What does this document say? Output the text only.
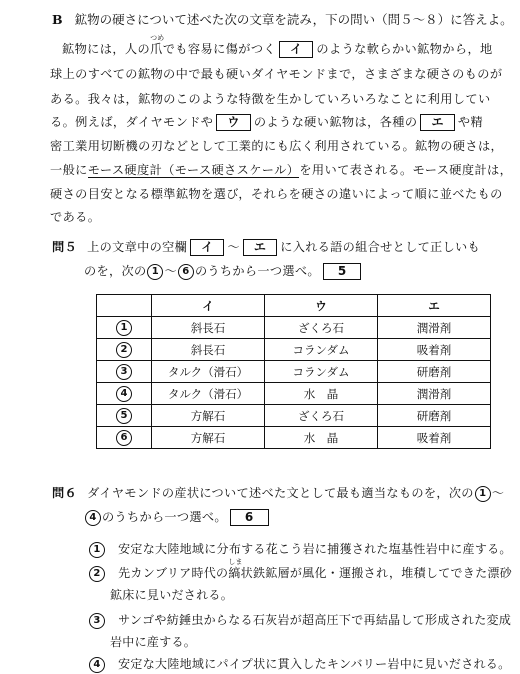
B 鉱物の硬さについて述べた次の文章を読み，下の問い（問５～８）に答えよ。
鉱物には，人の
つめ
爪でも容易に傷がつく イ のような軟らかい鉱物から，地
球上のすべての鉱物の中で最も硬いダイヤモンドまで，さまざまな硬さのものが
ある。我々は，鉱物のこのような特徴を生かしていろいろなことに利用してい
る。例えば，ダイヤモンドや ウ のような硬い鉱物は，各種の エ や精
密工業用切断機の刃などとして工業的にも広く利用されている。鉱物の硬さは，
一般にモース硬度計（モース硬さスケール）を用いて表される。モース硬度計は，
硬さの目安となる標準鉱物を選び，それらを硬さの違いによって順に並べたもの
である。
問５ 上の文章中の空欄 イ ～ エ に入れる語の組合せとして正しいも
のを，次の 1 ～ 6 のうちから一つ選べ。 5
	イ	ウ	エ
1	斜長石	ざくろ石	潤滑剤
2	斜長石	コランダム	吸着剤
3	タルク（滑石）	コランダム	研磨剤
4	タルク（滑石）	水　晶	潤滑剤
5	方解石	ざくろ石	研磨剤
6	方解石	水　晶	吸着剤
問６ ダイヤモンドの産状について述べた文として最も適当なものを，次の 1 ～
4 のうちから一つ選べ。 6
1 安定な大陸地域に分布する花こう岩に捕獲された塩基性岩中に産する。
2 先カンブリア時代の
しま
縞状鉄鉱層が風化・運搬され，堆積してできた漂砂
鉱床に見いだされる。
3 サンゴや紡錘虫からなる石灰岩が超高圧下で再結晶して形成された変成
岩中に産する。
4 安定な大陸地域にパイプ状に貫入したキンバリー岩中に見いだされる。
